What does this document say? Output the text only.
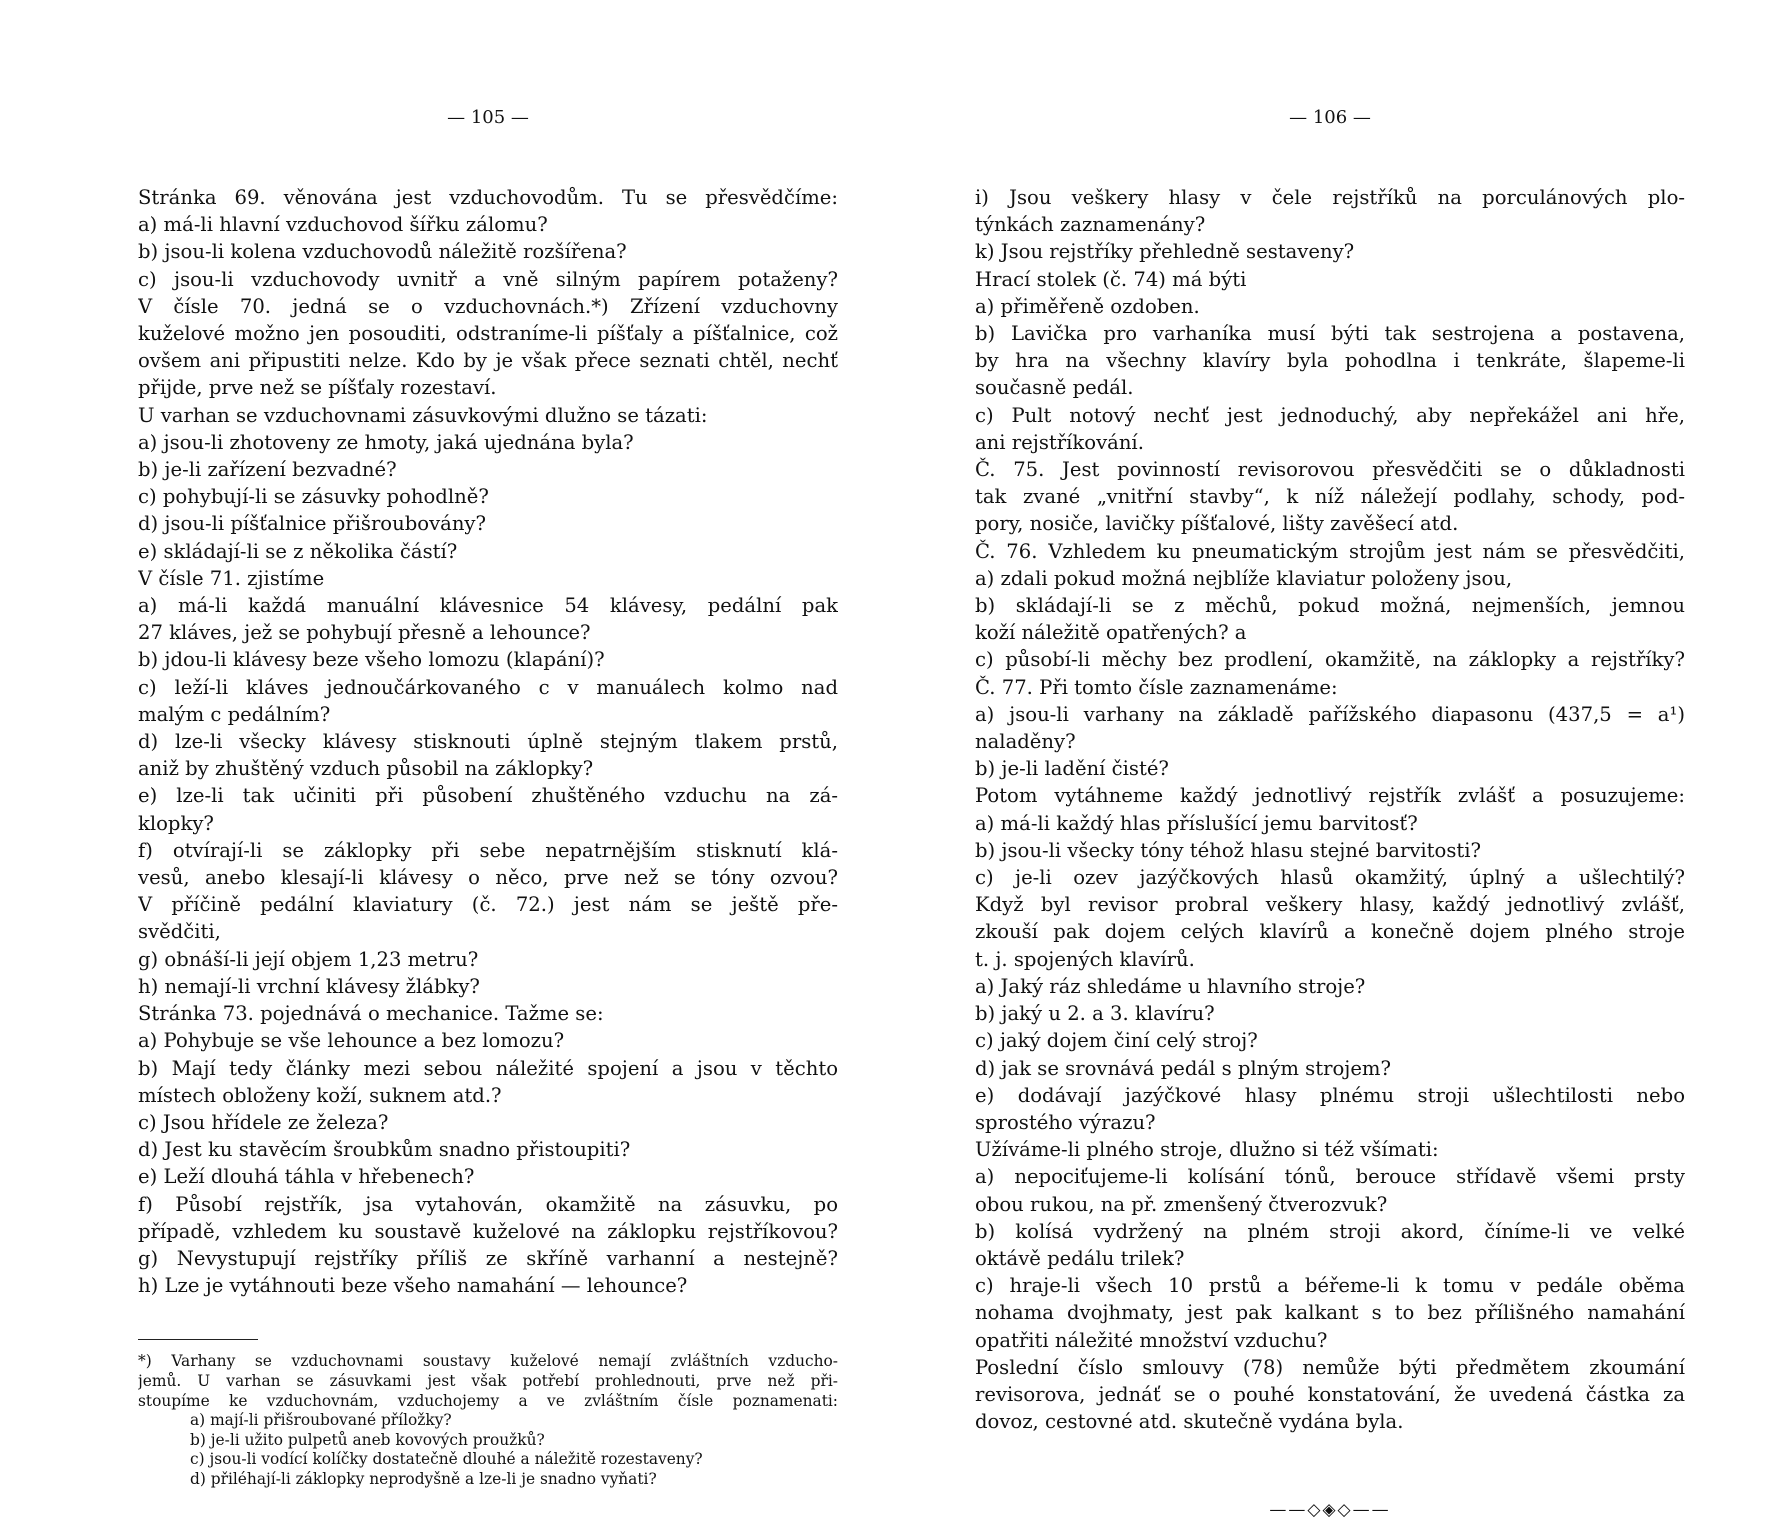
— 105 —
Stránka 69. věnována jest vzduchovodům. Tu se přesvědčíme:
a) má-li hlavní vzduchovod šířku zálomu?
b) jsou-li kolena vzduchovodů náležitě rozšířena?
c) jsou-li vzduchovody uvnitř a vně silným papírem potaženy?
V čísle 70. jedná se o vzduchovnách.*) Zřízení vzduchovny
kuželové možno jen posouditi, odstraníme-li píšťaly a píšťalnice, což
ovšem ani připustiti nelze. Kdo by je však přece seznati chtěl, nechť
přijde, prve než se píšťaly rozestaví.
U varhan se vzduchovnami zásuvkovými dlužno se tázati:
a) jsou-li zhotoveny ze hmoty, jaká ujednána byla?
b) je-li zařízení bezvadné?
c) pohybují-li se zásuvky pohodlně?
d) jsou-li píšťalnice přišroubovány?
e) skládají-li se z několika částí?
V čísle 71. zjistíme
a) má-li každá manuální klávesnice 54 klávesy, pedální pak
27 kláves, jež se pohybují přesně a lehounce?
b) jdou-li klávesy beze všeho lomozu (klapání)?
c) leží-li kláves jednoučárkovaného c v manuálech kolmo nad
malým c pedálním?
d) lze-li všecky klávesy stisknouti úplně stejným tlakem prstů,
aniž by zhuštěný vzduch působil na záklopky?
e) lze-li tak učiniti při působení zhuštěného vzduchu na zá-
klopky?
f) otvírají-li se záklopky při sebe nepatrnějším stisknutí klá-
vesů, anebo klesají-li klávesy o něco, prve než se tóny ozvou?
V příčině pedální klaviatury (č. 72.) jest nám se ještě pře-
svědčiti,
g) obnáší-li její objem 1,23 metru?
h) nemají-li vrchní klávesy žlábky?
Stránka 73. pojednává o mechanice. Tažme se:
a) Pohybuje se vše lehounce a bez lomozu?
b) Mají tedy články mezi sebou náležité spojení a jsou v těchto
místech obloženy koží, suknem atd.?
c) Jsou hřídele ze železa?
d) Jest ku stavěcím šroubkům snadno přistoupiti?
e) Leží dlouhá táhla v hřebenech?
f) Působí rejstřík, jsa vytahován, okamžitě na zásuvku, po
případě, vzhledem ku soustavě kuželové na záklopku rejstříkovou?
g) Nevystupují rejstříky příliš ze skříně varhanní a nestejně?
h) Lze je vytáhnouti beze všeho namahání — lehounce?
*) Varhany se vzduchovnami soustavy kuželové nemají zvláštních vzducho-
jemů. U varhan se zásuvkami jest však potřebí prohlednouti, prve než při-
stoupíme ke vzduchovnám, vzduchojemy a ve zvláštním čísle poznamenati:
a) mají-li přišroubované příložky?
b) je-li užito pulpetů aneb kovových proužků?
c) jsou-li vodící kolíčky dostatečně dlouhé a náležitě rozestaveny?
d) přiléhají-li záklopky neprodyšně a lze-li je snadno vyňati?
— 106 —
i) Jsou veškery hlasy v čele rejstříků na porculánových plo-
týnkách zaznamenány?
k) Jsou rejstříky přehledně sestaveny?
Hrací stolek (č. 74) má býti
a) přiměřeně ozdoben.
b) Lavička pro varhaníka musí býti tak sestrojena a postavena,
by hra na všechny klavíry byla pohodlna i tenkráte, šlapeme-li
současně pedál.
c) Pult notový nechť jest jednoduchý, aby nepřekážel ani hře,
ani rejstříkování.
Č. 75. Jest povinností revisorovou přesvědčiti se o důkladnosti
tak zvané „vnitřní stavby“, k níž náležejí podlahy, schody, pod-
pory, nosiče, lavičky píšťalové, lišty zavěšecí atd.
Č. 76. Vzhledem ku pneumatickým strojům jest nám se přesvědčiti,
a) zdali pokud možná nejblíže klaviatur položeny jsou,
b) skládají-li se z měchů, pokud možná, nejmenších, jemnou
koží náležitě opatřených? a
c) působí-li měchy bez prodlení, okamžitě, na záklopky a rejstříky?
Č. 77. Při tomto čísle zaznamenáme:
a) jsou-li varhany na základě pařížského diapasonu (437,5 = a¹)
naladěny?
b) je-li ladění čisté?
Potom vytáhneme každý jednotlivý rejstřík zvlášť a posuzujeme:
a) má-li každý hlas příslušící jemu barvitosť?
b) jsou-li všecky tóny téhož hlasu stejné barvitosti?
c) je-li ozev jazýčkových hlasů okamžitý, úplný a ušlechtilý?
Když byl revisor probral veškery hlasy, každý jednotlivý zvlášť,
zkouší pak dojem celých klavírů a konečně dojem plného stroje
t. j. spojených klavírů.
a) Jaký ráz shledáme u hlavního stroje?
b) jaký u 2. a 3. klavíru?
c) jaký dojem činí celý stroj?
d) jak se srovnává pedál s plným strojem?
e) dodávají jazýčkové hlasy plnému stroji ušlechtilosti nebo
sprostého výrazu?
Užíváme-li plného stroje, dlužno si též všímati:
a) nepociťujeme-li kolísání tónů, berouce střídavě všemi prsty
obou rukou, na př. zmenšený čtverozvuk?
b) kolísá vydržený na plném stroji akord, číníme-li ve velké
oktávě pedálu trilek?
c) hraje-li všech 10 prstů a béřeme-li k tomu v pedále oběma
nohama dvojhmaty, jest pak kalkant s to bez přílišného namahání
opatřiti náležité množství vzduchu?
Poslední číslo smlouvy (78) nemůže býti předmětem zkoumání
revisorova, jednáť se o pouhé konstatování, že uvedená částka za
dovoz, cestovné atd. skutečně vydána byla.
——◇◈◇——
